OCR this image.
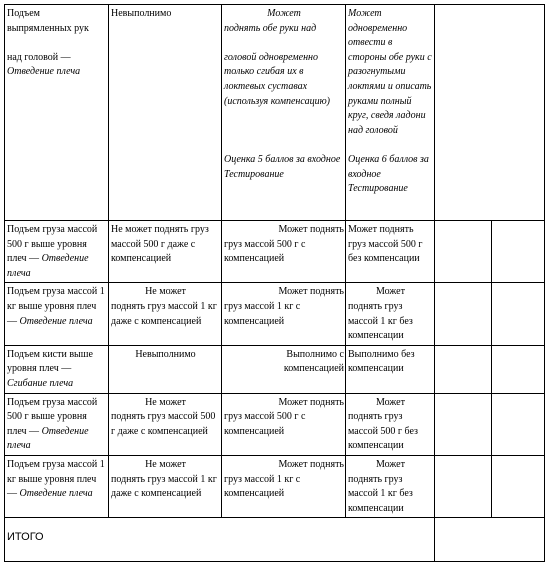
Подъем
выпрямленных рук

над головой —
Отведение плеча	Невыполнимо	Может
поднять обе руки над

головой одновременно только сгибая их в локтевых суставах (используя компенсацию)

Оценка 5 баллов за входное Тестирование	Может одновременно отвести в стороны обе руки с разогнутыми локтями и описать руками полный круг, сведя ладони
над головой

Оценка 6 баллов за входное Тестирование		

Подъем груза массой 500 г выше уровня плеч — Отведение плеча	Не может поднять груз массой 500 г даже с компенсацией	Может поднять
груз массой 500 г с компенсацией	Может поднять груз массой 500 г без компенсации		
Подъем груза массой 1 кг выше уровня плеч — Отведение плеча	Не может
поднять груз массой 1 кг даже с компенсацией	Может поднять
груз массой 1 кг с компенсацией	Может
поднять груз массой 1 кг без компенсации		

Подъем кисти выше уровня плеч — Сгибание плеча	Невыполнимо	Выполнимо с компенсацией	Выполнимо без компенсации		
Подъем груза массой 500 г выше уровня плеч — Отведение плеча	Не может
поднять груз массой 500 г даже с компенсацией	Может поднять
груз массой 500 г с компенсацией	Может
поднять груз массой 500 г без компенсации		

Подъем груза массой 1 кг выше уровня плеч — Отведение плеча	Не может
поднять груз массой 1 кг даже с компенсацией	Может поднять
груз массой 1 кг с компенсацией	Может
поднять груз массой 1 кг без компенсации		

ИТОГО					
